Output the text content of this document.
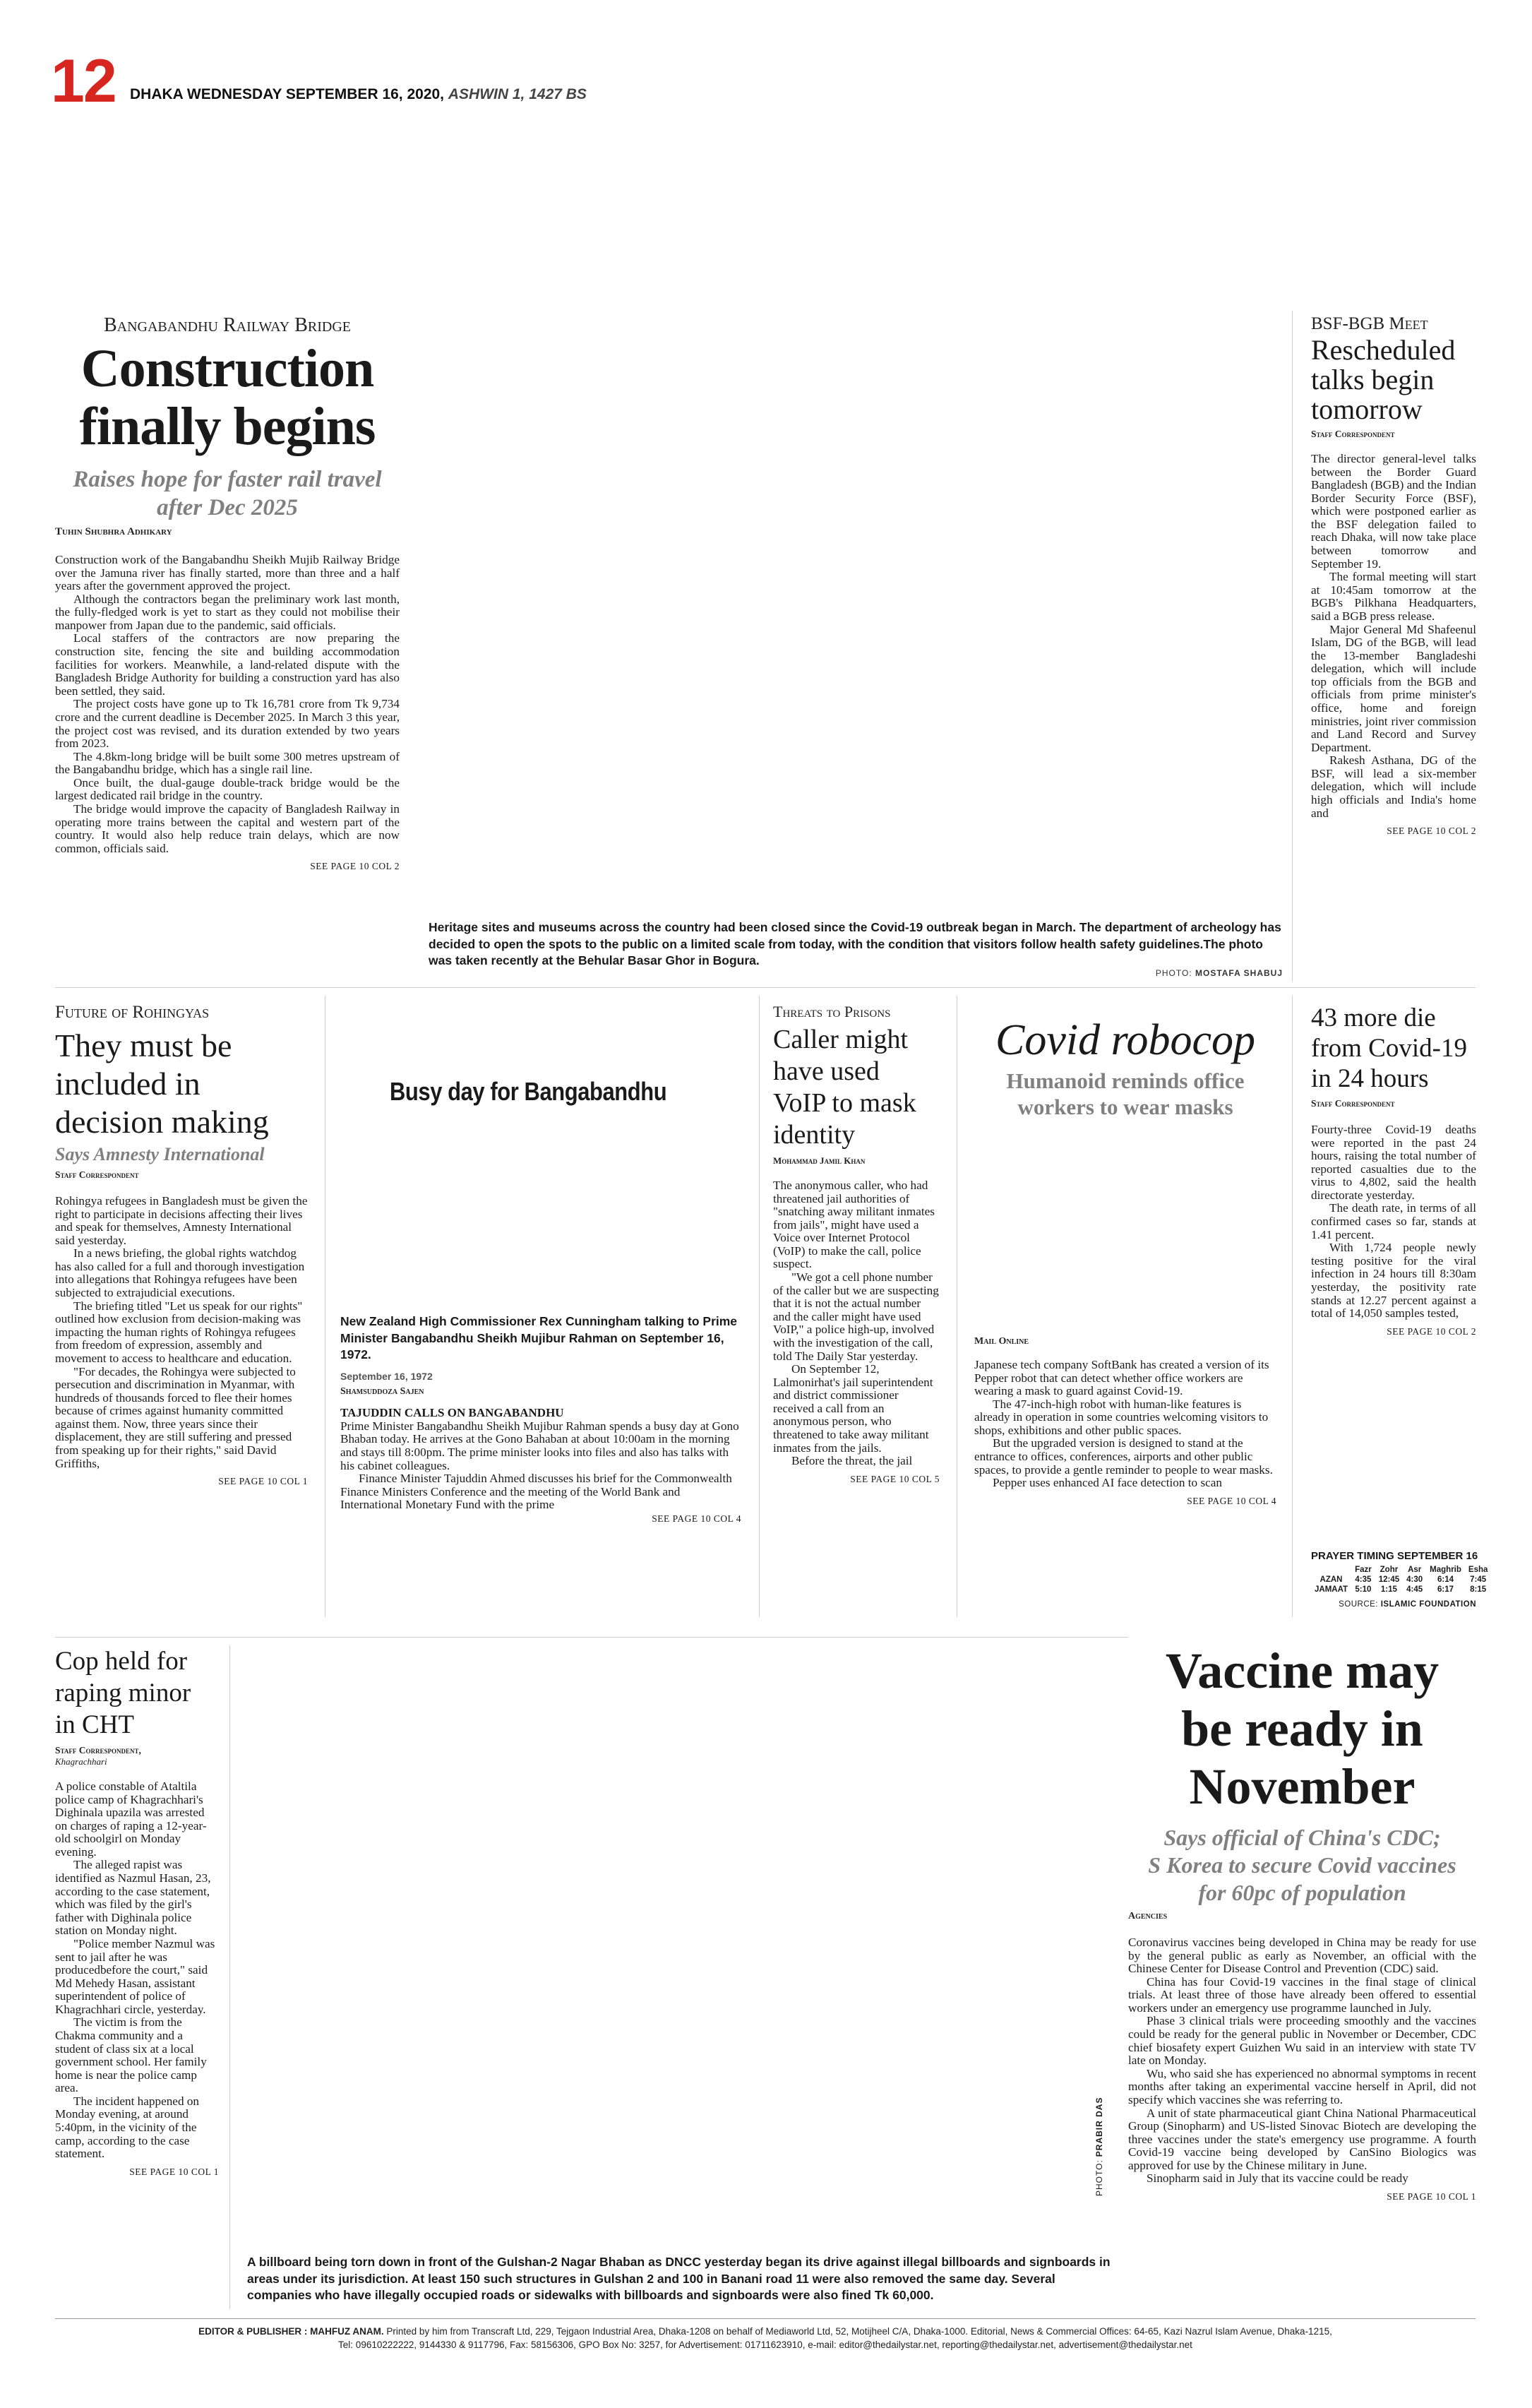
12 DHAKA WEDNESDAY SEPTEMBER 16, 2020, ASHWIN 1, 1427 BS
Bangabandhu Railway Bridge
Construction
finally begins
Raises hope for faster rail travel
after Dec 2025
Tuhin Shubhra Adhikary

Construction work of the Bangabandhu Sheikh Mujib Railway Bridge over the Jamuna river has finally started, more than three and a half years after the government approved the project.

Although the contractors began the preliminary work last month, the fully-fledged work is yet to start as they could not mobilise their manpower from Japan due to the pandemic, said officials.

Local staffers of the contractors are now preparing the construction site, fencing the site and building accommodation facilities for workers. Meanwhile, a land-related dispute with the Bangladesh Bridge Authority for building a construction yard has also been settled, they said.

The project costs have gone up to Tk 16,781 crore from Tk 9,734 crore and the current deadline is December 2025. In March 3 this year, the project cost was revised, and its duration extended by two years from 2023.

The 4.8km-long bridge will be built some 300 metres upstream of the Bangabandhu bridge, which has a single rail line.

Once built, the dual-gauge double-track bridge would be the largest dedicated rail bridge in the country.

The bridge would improve the capacity of Bangladesh Railway in operating more trains between the capital and western part of the country. It would also help reduce train delays, which are now common, officials said.

SEE PAGE 10 COL 2
Heritage sites and museums across the country had been closed since the Covid-19 outbreak began in March. The department of archeology has decided to open the spots to the public on a limited scale from today, with the condition that visitors follow health safety guidelines.The photo was taken recently at the Behular Basar Ghor in Bogura.
PHOTO: MOSTAFA SHABUJ
BSF-BGB Meet
Rescheduled
talks begin
tomorrow
Staff Correspondent

The director general-level talks between the Border Guard Bangladesh (BGB) and the Indian Border Security Force (BSF), which were postponed earlier as the BSF delegation failed to reach Dhaka, will now take place between tomorrow and September 19.

The formal meeting will start at 10:45am tomorrow at the BGB's Pilkhana Headquarters, said a BGB press release.

Major General Md Shafeenul Islam, DG of the BGB, will lead the 13-member Bangladeshi delegation, which will include top officials from the BGB and officials from prime minister's office, home and foreign ministries, joint river commission and Land Record and Survey Department.

Rakesh Asthana, DG of the BSF, will lead a six-member delegation, which will include high officials and India's home and

SEE PAGE 10 COL 2
Future of Rohingyas
They must be
included in
decision making
Says Amnesty International
Staff Correspondent

Rohingya refugees in Bangladesh must be given the right to participate in decisions affecting their lives and speak for themselves, Amnesty International said yesterday.

In a news briefing, the global rights watchdog has also called for a full and thorough investigation into allegations that Rohingya refugees have been subjected to extrajudicial executions.

The briefing titled "Let us speak for our rights" outlined how exclusion from decision-making was impacting the human rights of Rohingya refugees from freedom of expression, assembly and movement to access to healthcare and education.

"For decades, the Rohingya were subjected to persecution and discrimination in Myanmar, with hundreds of thousands forced to flee their homes because of crimes against humanity committed against them. Now, three years since their displacement, they are still suffering and pressed from speaking up for their rights," said David Griffiths,

SEE PAGE 10 COL 1
Busy day for Bangabandhu
New Zealand High Commissioner Rex Cunningham talking to Prime Minister Bangabandhu Sheikh Mujibur Rahman on September 16, 1972.
September 16, 1972
Shamsuddoza Sajen
TAJUDDIN CALLS ON BANGABANDHU

Prime Minister Bangabandhu Sheikh Mujibur Rahman spends a busy day at Gono Bhaban today. He arrives at the Gono Bahaban at about 10:00am in the morning and stays till 8:00pm. The prime minister looks into files and also has talks with his cabinet colleagues.

Finance Minister Tajuddin Ahmed discusses his brief for the Commonwealth Finance Ministers Conference and the meeting of the World Bank and International Monetary Fund with the prime

SEE PAGE 10 COL 4
Threats to Prisons
Caller might
have used
VoIP to mask
identity
Mohammad Jamil Khan

The anonymous caller, who had threatened jail authorities of "snatching away militant inmates from jails", might have used a Voice over Internet Protocol (VoIP) to make the call, police suspect.

"We got a cell phone number of the caller but we are suspecting that it is not the actual number and the caller might have used VoIP," a police high-up, involved with the investigation of the call, told The Daily Star yesterday.

On September 12, Lalmonirhat's jail superintendent and district commissioner received a call from an anonymous person, who threatened to take away militant inmates from the jails.

Before the threat, the jail

SEE PAGE 10 COL 5
Covid robocop
Humanoid reminds office
workers to wear masks
Mail Online

Japanese tech company SoftBank has created a version of its Pepper robot that can detect whether office workers are wearing a mask to guard against Covid-19.

The 47-inch-high robot with human-like features is already in operation in some countries welcoming visitors to shops, exhibitions and other public spaces.

But the upgraded version is designed to stand at the entrance to offices, conferences, airports and other public spaces, to provide a gentle reminder to people to wear masks.

Pepper uses enhanced AI face detection to scan

SEE PAGE 10 COL 4
43 more die
from Covid-19
in 24 hours
Staff Correspondent

Fourty-three Covid-19 deaths were reported in the past 24 hours, raising the total number of reported casualties due to the virus to 4,802, said the health directorate yesterday.

The death rate, in terms of all confirmed cases so far, stands at 1.41 percent.

With 1,724 people newly testing positive for the viral infection in 24 hours till 8:30am yesterday, the positivity rate stands at 12.27 percent against a total of 14,050 samples tested,

SEE PAGE 10 COL 2
PRAYER TIMING SEPTEMBER 16
	Fazr	Zohr	Asr	Maghrib	Esha
AZAN	4:35	12:45	4:30	6:14	7:45
JAMAAT	5:10	1:15	4:45	6:17	8:15
SOURCE: ISLAMIC FOUNDATION
Cop held for
raping minor
in CHT
Staff Correspondent,
Khagrachhari

A police constable of Ataltila police camp of Khagrachhari's Dighinala upazila was arrested on charges of raping a 12-year-old schoolgirl on Monday evening.

The alleged rapist was identified as Nazmul Hasan, 23, according to the case statement, which was filed by the girl's father with Dighinala police station on Monday night.

"Police member Nazmul was sent to jail after he was producedbefore the court," said Md Mehedy Hasan, assistant superintendent of police of Khagrachhari circle, yesterday.

The victim is from the Chakma community and a student of class six at a local government school. Her family home is near the police camp area.

The incident happened on Monday evening, at around 5:40pm, in the vicinity of the camp, according to the case statement.

SEE PAGE 10 COL 1	PHOTO: PRABIR DAS
A billboard being torn down in front of the Gulshan-2 Nagar Bhaban as DNCC yesterday began its drive against illegal billboards and signboards in areas under its jurisdiction. At least 150 such structures in Gulshan 2 and 100 in Banani road 11 were also removed the same day. Several companies who have illegally occupied roads or sidewalks with billboards and signboards were also fined Tk 60,000.
Vaccine may
be ready in
November
Says official of China's CDC;
S Korea to secure Covid vaccines
for 60pc of population
Agencies

Coronavirus vaccines being developed in China may be ready for use by the general public as early as November, an official with the Chinese Center for Disease Control and Prevention (CDC) said.

China has four Covid-19 vaccines in the final stage of clinical trials. At least three of those have already been offered to essential workers under an emergency use programme launched in July.

Phase 3 clinical trials were proceeding smoothly and the vaccines could be ready for the general public in November or December, CDC chief biosafety expert Guizhen Wu said in an interview with state TV late on Monday.

Wu, who said she has experienced no abnormal symptoms in recent months after taking an experimental vaccine herself in April, did not specify which vaccines she was referring to.

A unit of state pharmaceutical giant China National Pharmaceutical Group (Sinopharm) and US-listed Sinovac Biotech are developing the three vaccines under the state's emergency use programme. A fourth Covid-19 vaccine being developed by CanSino Biologics was approved for use by the Chinese military in June.

Sinopharm said in July that its vaccine could be ready

SEE PAGE 10 COL 1
EDITOR & PUBLISHER : MAHFUZ ANAM. Printed by him from Transcraft Ltd, 229, Tejgaon Industrial Area, Dhaka-1208 on behalf of Mediaworld Ltd, 52, Motijheel C/A, Dhaka-1000. Editorial, News & Commercial Offices: 64-65, Kazi Nazrul Islam Avenue, Dhaka-1215,
Tel: 09610222222, 9144330 & 9117796, Fax: 58156306, GPO Box No: 3257, for Advertisement: 01711623910, e-mail: editor@thedailystar.net, reporting@thedailystar.net, advertisement@thedailystar.net
